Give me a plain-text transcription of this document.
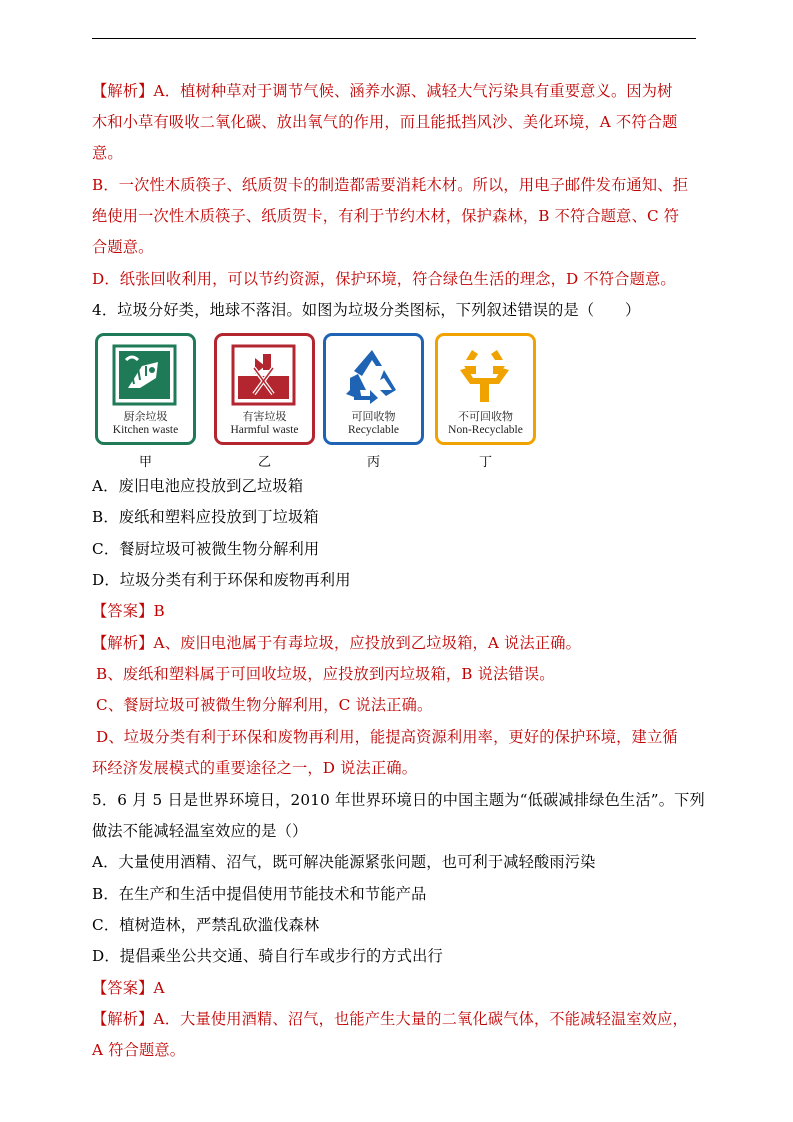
【解析】A．植树种草对于调节气候、涵养水源、减轻大气污染具有重要意义。因为树
木和小草有吸收二氧化碳、放出氧气的作用，而且能抵挡风沙、美化环境，A 不符合题
意。
B．一次性木质筷子、纸质贺卡的制造都需要消耗木材。所以，用电子邮件发布通知、拒
绝使用一次性木质筷子、纸质贺卡，有利于节约木材，保护森林，B 不符合题意、C 符
合题意。
D．纸张回收利用，可以节约资源，保护环境，符合绿色生活的理念，D 不符合题意。
4．垃圾分好类，地球不落泪。如图为垃圾分类图标，下列叙述错误的是（　　）
厨余垃圾
Kitchen waste
有害垃圾
Harmful waste
可回收物
Recyclable
不可回收物
Non-Recyclable
甲	乙	丙	丁
A．废旧电池应投放到乙垃圾箱
B．废纸和塑料应投放到丁垃圾箱
C．餐厨垃圾可被微生物分解利用
D．垃圾分类有利于环保和废物再利用
【答案】B
【解析】A、废旧电池属于有毒垃圾，应投放到乙垃圾箱，A 说法正确。
B、废纸和塑料属于可回收垃圾，应投放到丙垃圾箱，B 说法错误。
C、餐厨垃圾可被微生物分解利用，C 说法正确。
D、垃圾分类有利于环保和废物再利用，能提高资源利用率，更好的保护环境，建立循
环经济发展模式的重要途径之一，D 说法正确。
5．6 月 5 日是世界环境日，2010 年世界环境日的中国主题为“低碳减排绿色生活”。下列
做法不能减轻温室效应的是（）
A．大量使用酒精、沼气，既可解决能源紧张问题，也可利于减轻酸雨污染
B．在生产和生活中提倡使用节能技术和节能产品
C．植树造林，严禁乱砍滥伐森林
D．提倡乘坐公共交通、骑自行车或步行的方式出行
【答案】A
【解析】A．大量使用酒精、沼气，也能产生大量的二氧化碳气体，不能减轻温室效应，
A 符合题意。
